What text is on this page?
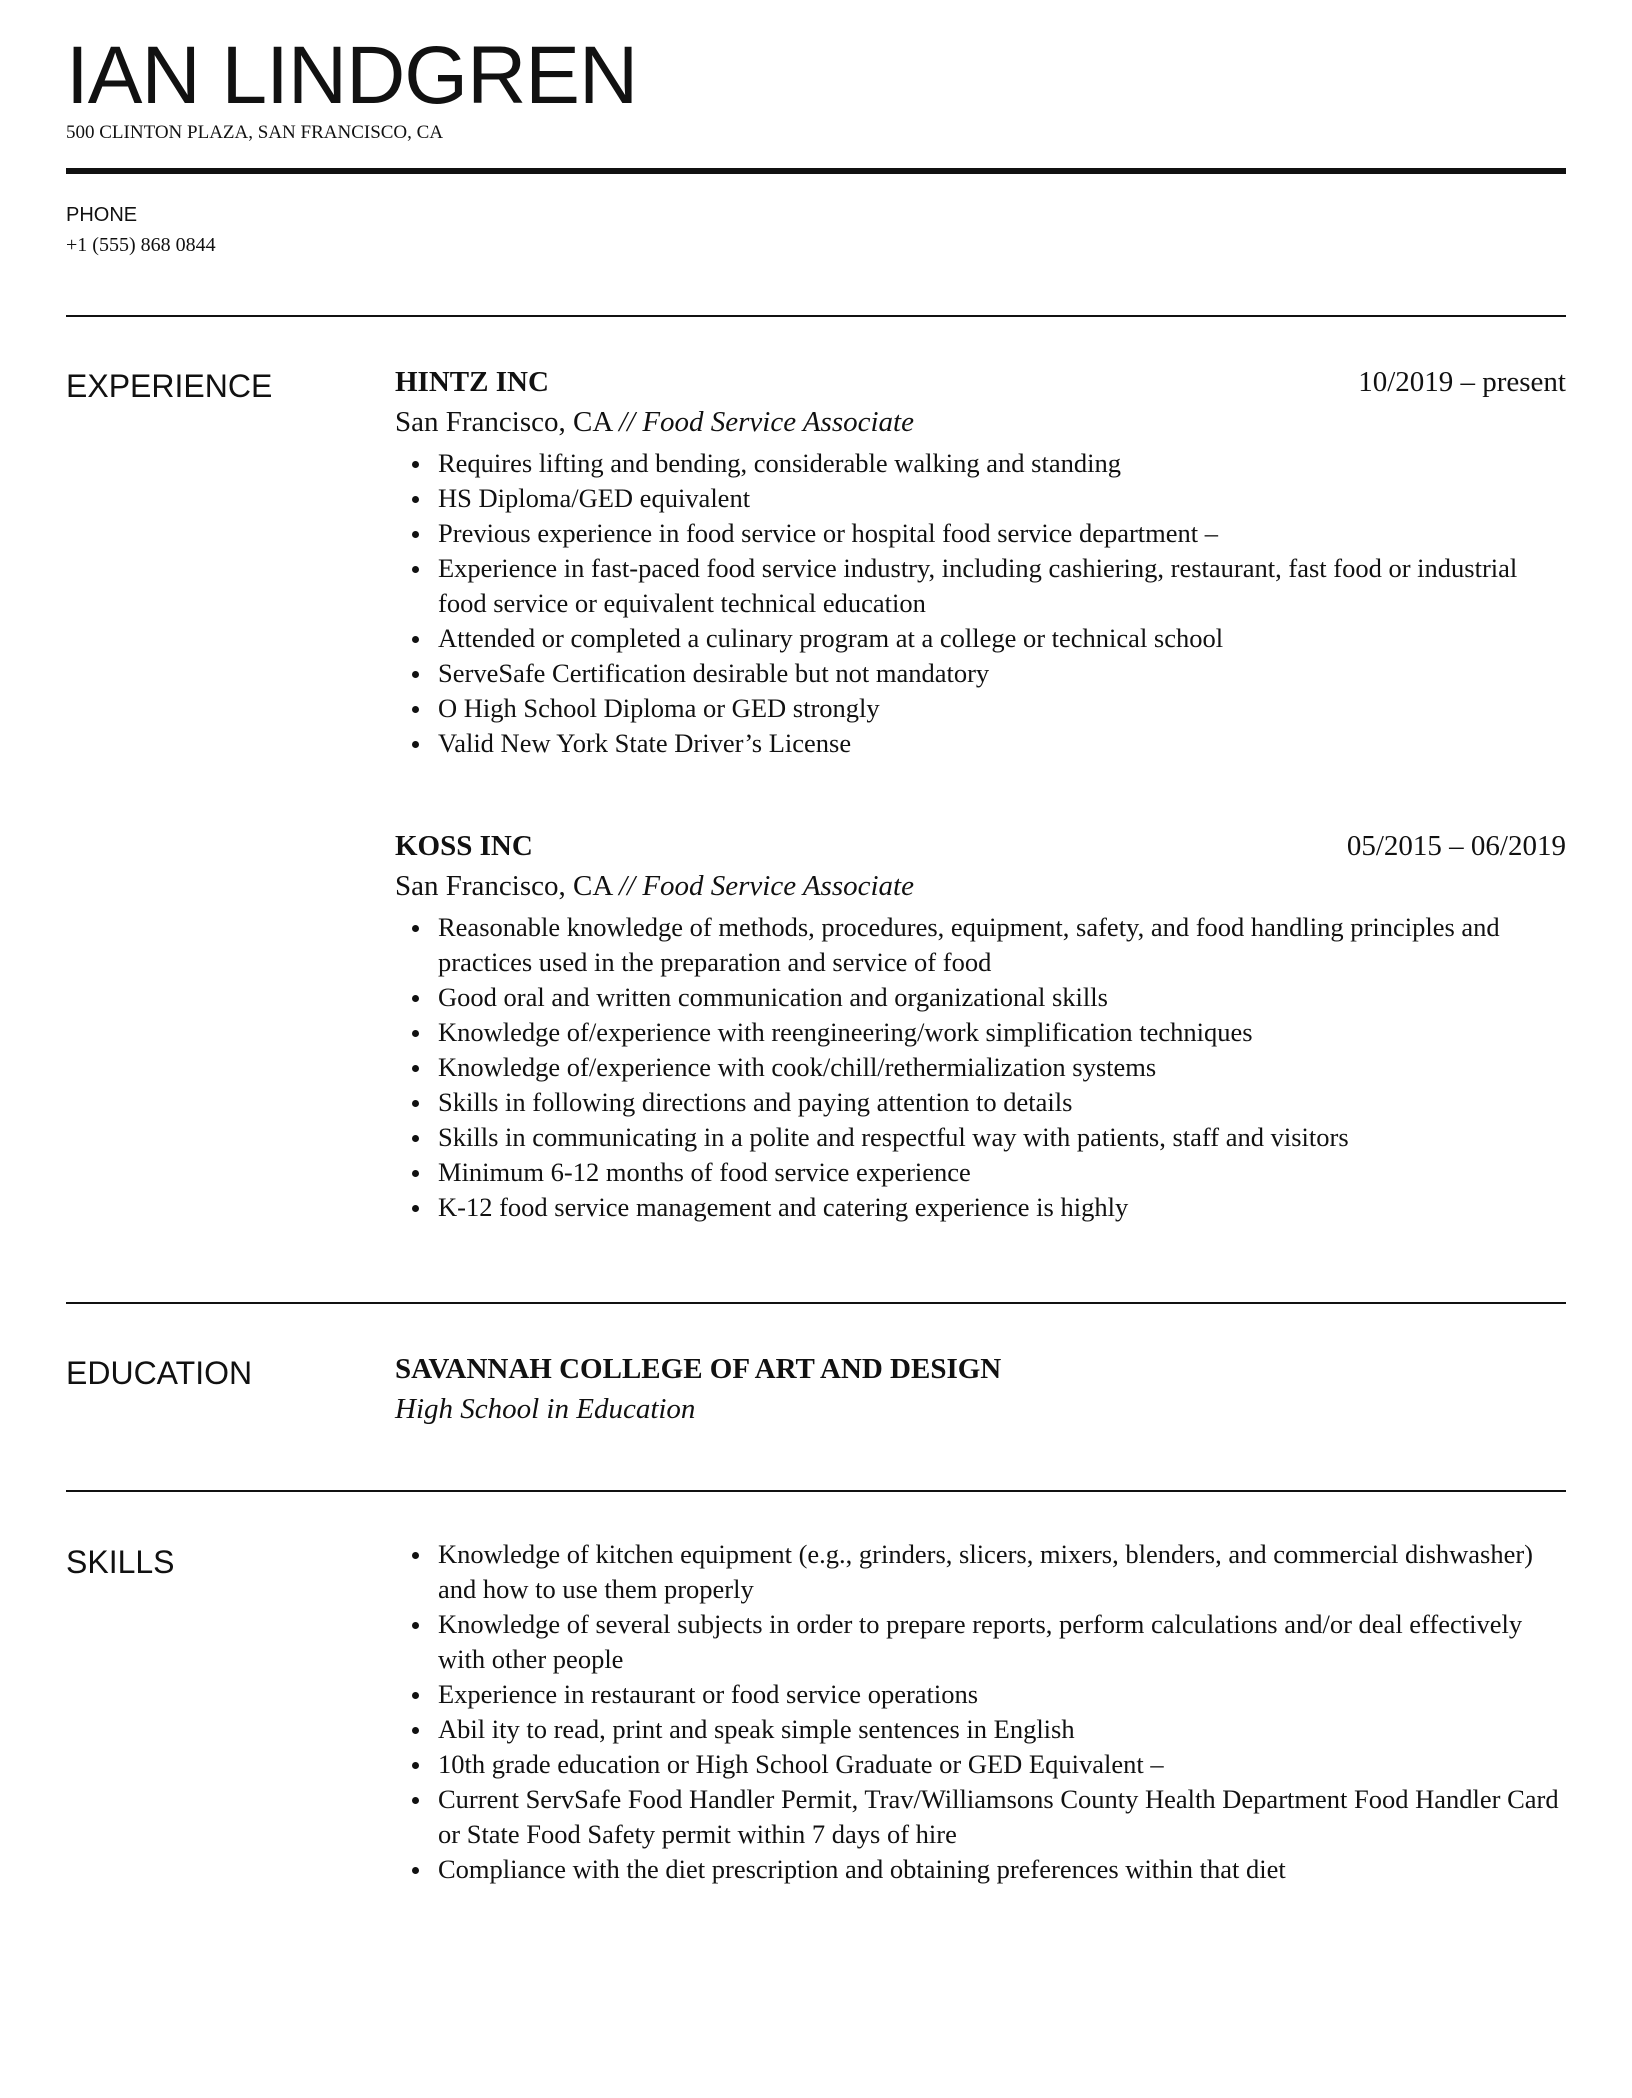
IAN LINDGREN
500 CLINTON PLAZA, SAN FRANCISCO, CA
PHONE
+1 (555) 868 0844
EXPERIENCE	HINTZ INC	10/2019 – present
San Francisco, CA // Food Service Associate
Requires lifting and bending, considerable walking and standing
HS Diploma/GED equivalent
Previous experience in food service or hospital food service department –
Experience in fast-paced food service industry, including cashiering, restaurant, fast food or industrial food service or equivalent technical education
Attended or completed a culinary program at a college or technical school
ServeSafe Certification desirable but not mandatory
O High School Diploma or GED strongly
Valid New York State Driver’s License
KOSS INC	05/2015 – 06/2019
San Francisco, CA // Food Service Associate
Reasonable knowledge of methods, procedures, equipment, safety, and food handling principles and practices used in the preparation and service of food
Good oral and written communication and organizational skills
Knowledge of/experience with reengineering/work simplification techniques
Knowledge of/experience with cook/chill/rethermialization systems
Skills in following directions and paying attention to details
Skills in communicating in a polite and respectful way with patients, staff and visitors
Minimum 6-12 months of food service experience
K-12 food service management and catering experience is highly
EDUCATION	SAVANNAH COLLEGE OF ART AND DESIGN
High School in Education
SKILLS	Knowledge of kitchen equipment (e.g., grinders, slicers, mixers, blenders, and commercial dishwasher) and how to use them properly
Knowledge of several subjects in order to prepare reports, perform calculations and/or deal effectively with other people
Experience in restaurant or food service operations
Abil ity to read, print and speak simple sentences in English
10th grade education or High School Graduate or GED Equivalent –
Current ServSafe Food Handler Permit, Trav/Williamsons County Health Department Food Handler Card or State Food Safety permit within 7 days of hire
Compliance with the diet prescription and obtaining preferences within that diet
